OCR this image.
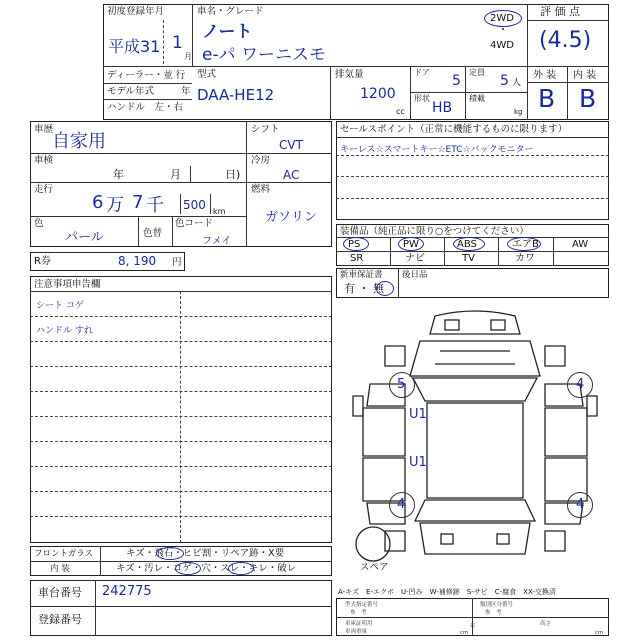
初度登録年月
平成31 1
月
車名・グレード
ノート
e-パ ワーニスモ
2WD
・
4WD
評 価 点
(4.5)
外 装 内 装
B B
ディーラー・並 行
モデル年式	年
ハンドル　左・右
型式
DAA-HE12
排気量
1200
cc
ドア
5
定員
5 人
形状
HB
積載
kg
車歴
自家用
車検
年	月	日)
走行
6 万 7 千 500 km
色
パール	色替
色コード
フメイ
シフト
CVT
冷房
AC
燃料
ガソリン
R券	8, 190 円
注意事項申告欄
シート コゲ
ハンドル すれ
セールスポイント（正常に機能するものに限ります）
キーレス☆スマートキー☆ETC☆バックモニター
装備品（純正品に限り○をつけてください）
PS	PW	ABS	エアB	AW
SR	ナビ	TV	カワ
新車保証書
有 ・ 無
後日品
5	4
U1
U1
4	4
スペア
フロントガラス	キズ・飛石・ヒビ割・リペア跡・X要
内 装	キズ・汚レ・コゲ・穴・スレ・キレ・破レ
A-キズ　E-エクボ　U-凹み　W-補修跡　S-サビ　C-腐食　XX-交換済
車台番号 242775
登録番号
型式指定番号
参　考
類別区分番号
参　考
車庫証明用
車両重量	cm
高さ
cm
年
